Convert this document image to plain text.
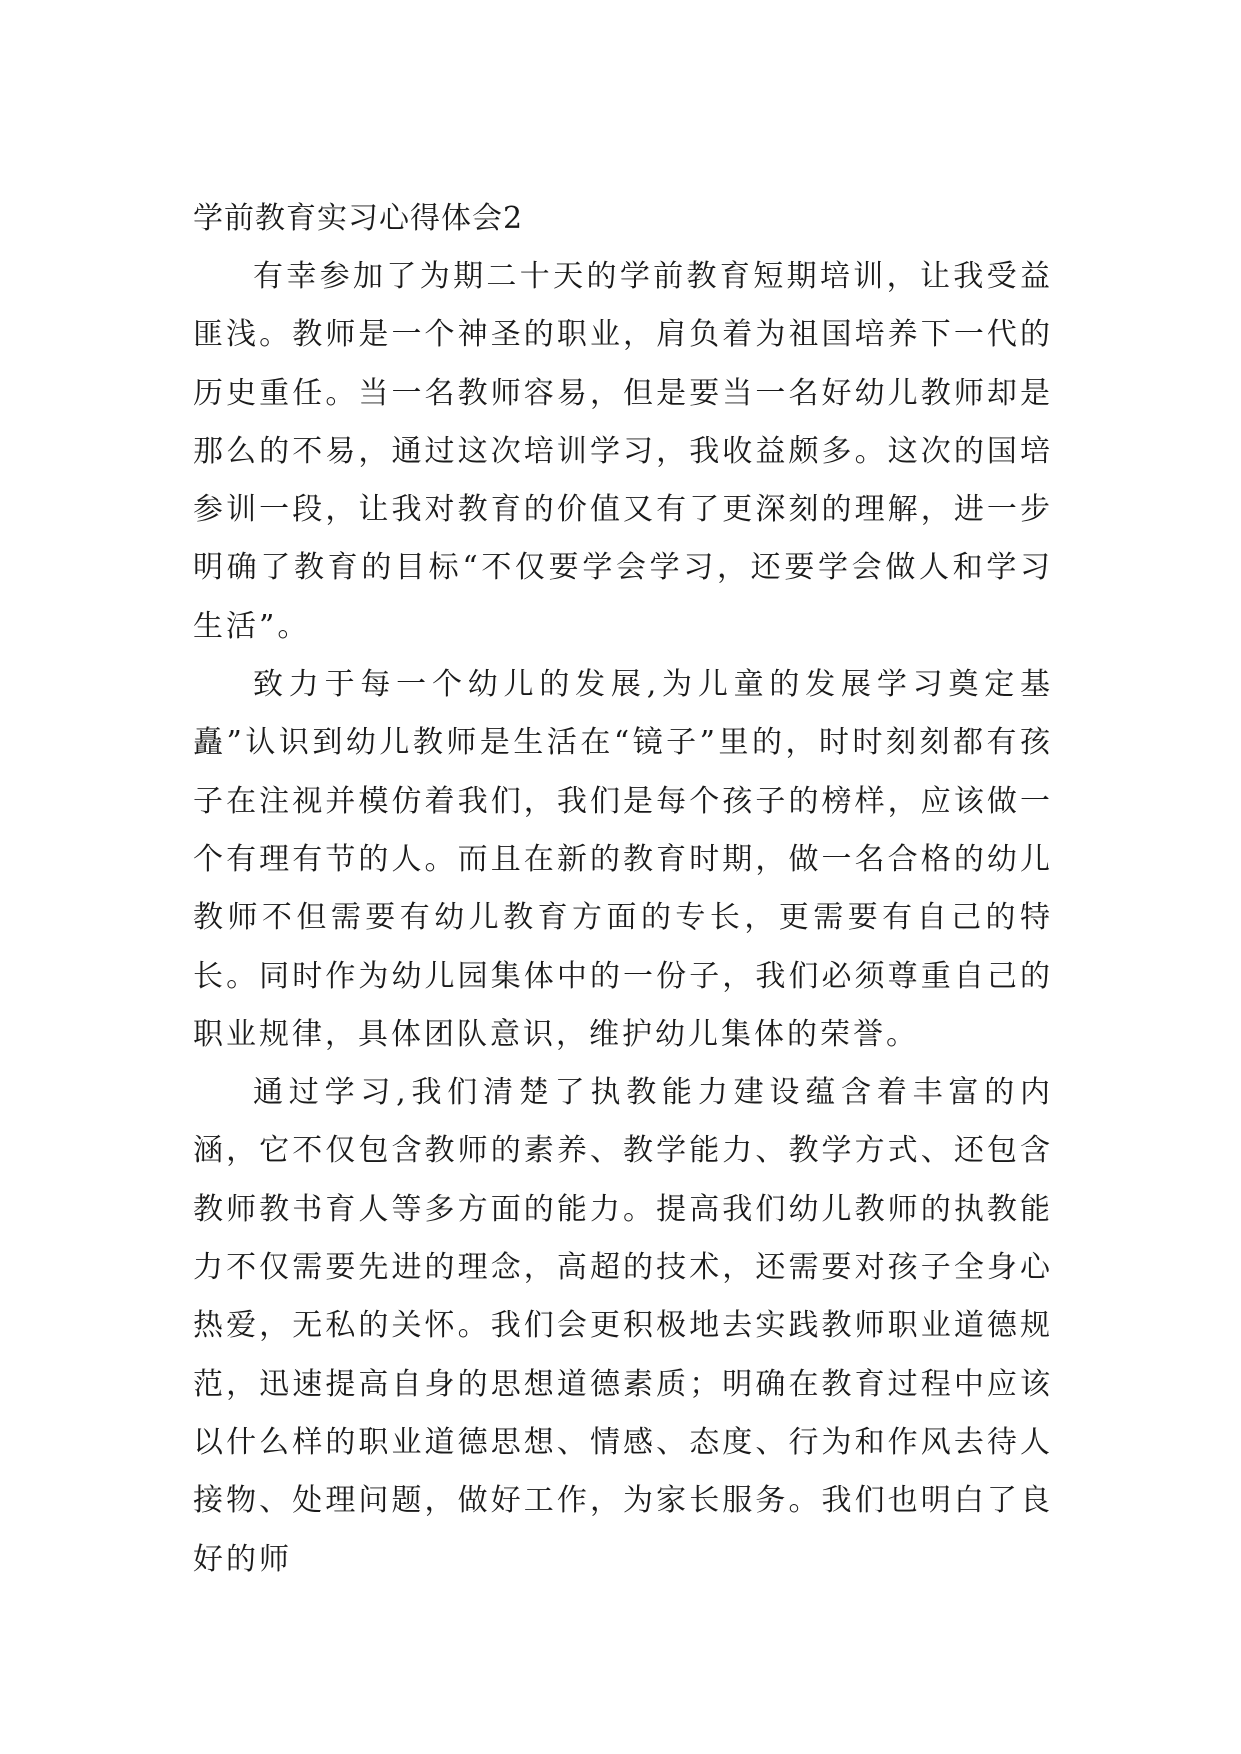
学前教育实习心得体会2

有幸参加了为期二十天的学前教育短期培训，让我受益匪浅。教师是一个神圣的职业，肩负着为祖国培养下一代的历史重任。当一名教师容易，但是要当一名好幼儿教师却是那么的不易，通过这次培训学习，我收益颇多。这次的国培参训一段，让我对教育的价值又有了更深刻的理解，进一步明确了教育的目标“不仅要学会学习，还要学会做人和学习生活”。

致力于每一个幼儿的发展,为儿童的发展学习奠定基矗”认识到幼儿教师是生活在“镜子”里的，时时刻刻都有孩子在注视并模仿着我们，我们是每个孩子的榜样，应该做一个有理有节的人。而且在新的教育时期，做一名合格的幼儿教师不但需要有幼儿教育方面的专长，更需要有自己的特长。同时作为幼儿园集体中的一份子，我们必须尊重自己的职业规律，具体团队意识，维护幼儿集体的荣誉。

通过学习,我们清楚了执教能力建设蕴含着丰富的内涵，它不仅包含教师的素养、教学能力、教学方式、还包含教师教书育人等多方面的能力。提高我们幼儿教师的执教能力不仅需要先进的理念，高超的技术，还需要对孩子全身心热爱，无私的关怀。我们会更积极地去实践教师职业道德规范，迅速提高自身的思想道德素质；明确在教育过程中应该以什么样的职业道德思想、情感、态度、行为和作风去待人接物、处理问题，做好工作，为家长服务。我们也明白了良好的师
